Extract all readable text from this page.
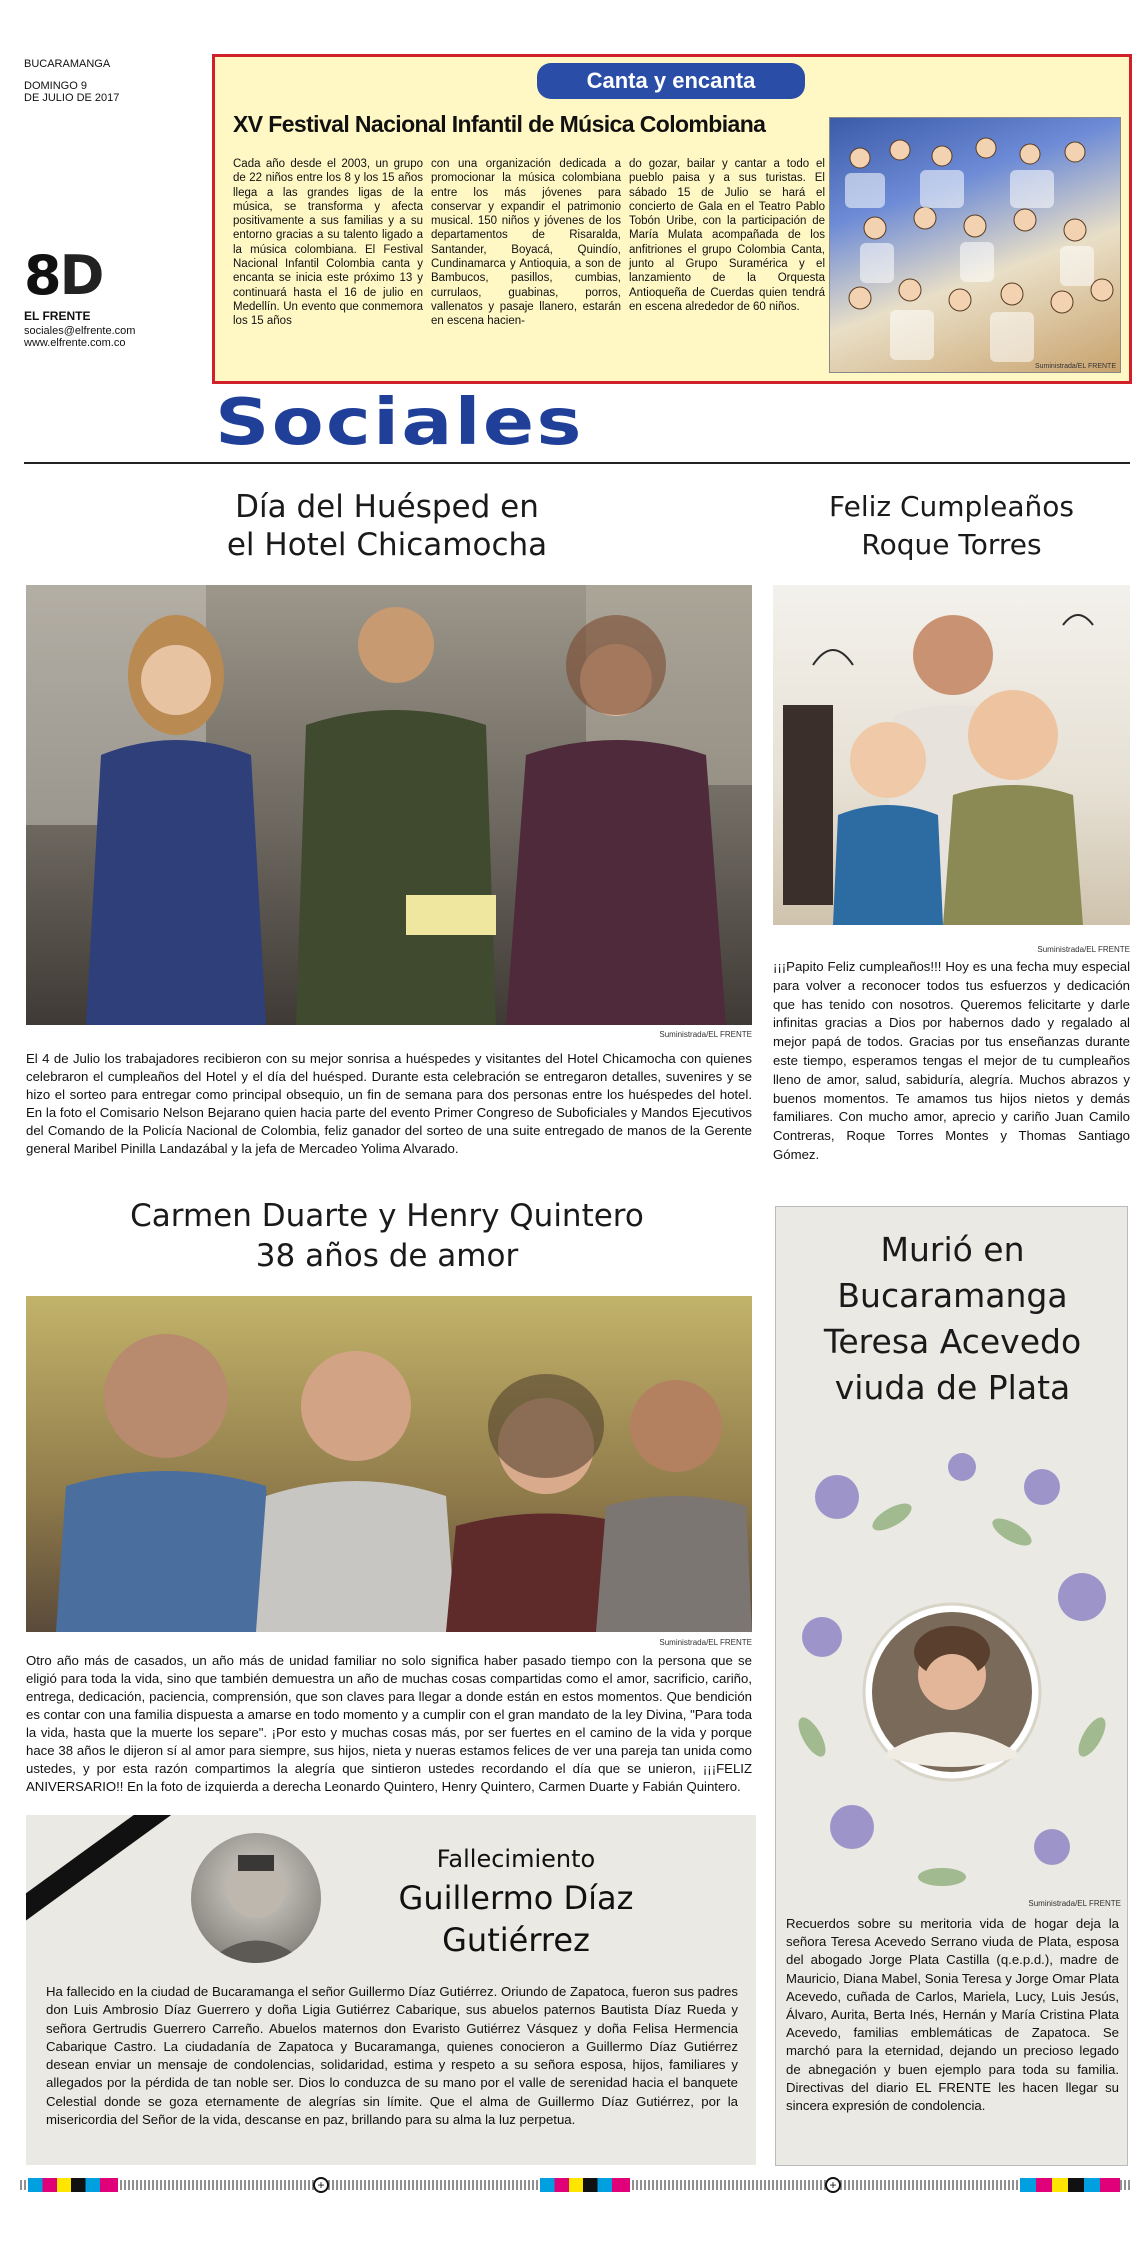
BUCARAMANGA
DOMINGO 9
DE JULIO DE 2017
8D
EL FRENTE
sociales@elfrente.com
www.elfrente.com.co
Canta y encanta
XV Festival Nacional Infantil de Música Colombiana
Cada año desde el 2003, un grupo de 22 niños entre los 8 y los 15 años llega a las grandes ligas de la música, se transforma y afecta positivamente a sus familias y a su entorno gracias a su talento ligado a la música colombiana. El Festival Nacional Infantil Colombia canta y encanta se inicia este próximo 13 y continuará hasta el 16 de julio en Medellín. Un evento que conmemora los 15 años
con una organización dedicada a promocionar la música colombiana entre los más jóvenes para conservar y expandir el patrimonio musical. 150 niños y jóvenes de los departamentos de Risaralda, Santander, Boyacá, Quindío, Cundinamarca y Antioquia, a son de Bambucos, pasillos, cumbias, currulaos, guabinas, porros, vallenatos y pasaje llanero, estarán en escena hacien-
do gozar, bailar y cantar a todo el pueblo paisa y a sus turistas. El sábado 15 de Julio se hará el concierto de Gala en el Teatro Pablo Tobón Uribe, con la participación de María Mulata acompañada de los anfitriones el grupo Colombia Canta, junto al Grupo Suramérica y el lanzamiento de la Orquesta Antioqueña de Cuerdas quien tendrá en escena alrededor de 60 niños.
Suministrada/EL FRENTE
Sociales
Día del Huésped en
el Hotel Chicamocha
Suministrada/EL FRENTE
El 4 de Julio los trabajadores recibieron con su mejor sonrisa a huéspedes y visitantes del Hotel Chicamocha con quienes celebraron el cumpleaños del Hotel y el día del huésped. Durante esta celebración se entregaron detalles, suvenires y se hizo el sorteo para entregar como principal obsequio, un fin de semana para dos personas entre los huéspedes del hotel. En la foto el Comisario Nelson Bejarano quien hacia parte del evento Primer Congreso de Suboficiales y Mandos Ejecutivos del Comando de la Policía Nacional de Colombia, feliz ganador del sorteo de una suite entregado de manos de la Gerente general Maribel Pinilla Landazábal y la jefa de Mercadeo Yolima Alvarado.
Feliz Cumpleaños
Roque Torres
Suministrada/EL FRENTE
¡¡¡Papito Feliz cumpleaños!!! Hoy es una fecha muy especial para volver a reconocer todos tus esfuerzos y dedicación que has tenido con nosotros. Queremos felicitarte y darle infinitas gracias a Dios por habernos dado y regalado al mejor papá de todos. Gracias por tus enseñanzas durante este tiempo, esperamos tengas el mejor de tu cumpleaños lleno de amor, salud, sabiduría, alegría. Muchos abrazos y buenos momentos. Te amamos tus hijos nietos y demás familiares. Con mucho amor, aprecio y cariño Juan Camilo Contreras, Roque Torres Montes y Thomas Santiago Gómez.
Carmen Duarte y Henry Quintero
38 años de amor
Suministrada/EL FRENTE
Otro año más de casados, un año más de unidad familiar no solo significa haber pasado tiempo con la persona que se eligió para toda la vida, sino que también demuestra un año de muchas cosas compartidas como el amor, sacrificio, cariño, entrega, dedicación, paciencia, comprensión, que son claves para llegar a donde están en estos momentos. Que bendición es contar con una familia dispuesta a amarse en todo momento y a cumplir con el gran mandato de la ley Divina, "Para toda la vida, hasta que la muerte los separe". ¡Por esto y muchas cosas más, por ser fuertes en el camino de la vida y porque hace 38 años le dijeron sí al amor para siempre, sus hijos, nieta y nueras estamos felices de ver una pareja tan unida como ustedes, y por esta razón compartimos la alegría que sintieron ustedes recordando el día que se unieron, ¡¡¡FELIZ ANIVERSARIO!! En la foto de izquierda a derecha Leonardo Quintero, Henry Quintero, Carmen Duarte y Fabián Quintero.
Fallecimiento
Guillermo Díaz
Gutiérrez
Ha fallecido en la ciudad de Bucaramanga el señor Guillermo Díaz Gutiérrez. Oriundo de Zapatoca, fueron sus padres don Luis Ambrosio Díaz Guerrero y doña Ligia Gutiérrez Cabarique, sus abuelos paternos Bautista Díaz Rueda y señora Gertrudis Guerrero Carreño. Abuelos maternos don Evaristo Gutiérrez Vásquez y doña Felisa Hermencia Cabarique Castro. La ciudadanía de Zapatoca y Bucaramanga, quienes conocieron a Guillermo Díaz Gutiérrez desean enviar un mensaje de condolencias, solidaridad, estima y respeto a su señora esposa, hijos, familiares y allegados por la pérdida de tan noble ser. Dios lo conduzca de su mano por el valle de serenidad hacia el banquete Celestial donde se goza eternamente de alegrías sin límite. Que el alma de Guillermo Díaz Gutiérrez, por la misericordia del Señor de la vida, descanse en paz, brillando para su alma la luz perpetua.
Murió en
Bucaramanga
Teresa Acevedo
viuda de Plata
Suministrada/EL FRENTE
Recuerdos sobre su meritoria vida de hogar deja la señora Teresa Acevedo Serrano viuda de Plata, esposa del abogado Jorge Plata Castilla (q.e.p.d.), madre de Mauricio, Diana Mabel, Sonia Teresa y Jorge Omar Plata Acevedo, cuñada de Carlos, Mariela, Lucy, Luis Jesús, Álvaro, Aurita, Berta Inés, Hernán y María Cristina Plata Acevedo, familias emblemáticas de Zapatoca. Se marchó para la eternidad, dejando un precioso legado de abnegación y buen ejemplo para toda su familia. Directivas del diario EL FRENTE les hacen llegar su sincera expresión de condolencia.
+	+
